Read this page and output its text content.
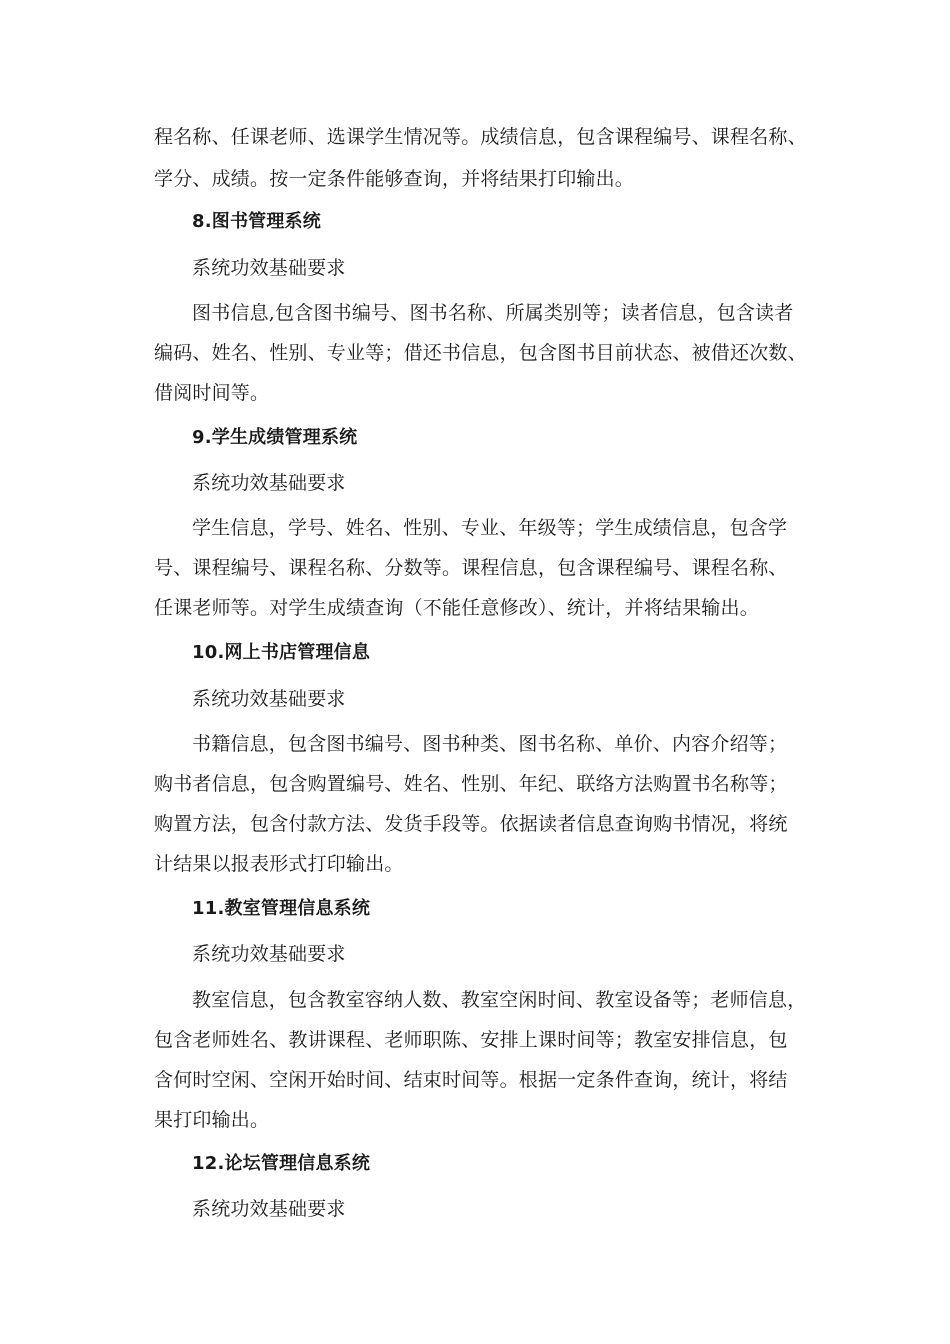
程名称、任课老师、选课学生情况等。成绩信息，包含课程编号、课程名称、
学分、成绩。按一定条件能够查询，并将结果打印输出。
8.图书管理系统
系统功效基础要求
图书信息,包含图书编号、图书名称、所属类别等；读者信息，包含读者
编码、姓名、性别、专业等；借还书信息，包含图书目前状态、被借还次数、
借阅时间等。
9.学生成绩管理系统
系统功效基础要求
学生信息，学号、姓名、性别、专业、年级等；学生成绩信息，包含学
号、课程编号、课程名称、分数等。课程信息，包含课程编号、课程名称、
任课老师等。对学生成绩查询（不能任意修改）、统计，并将结果输出。
10.网上书店管理信息
系统功效基础要求
书籍信息，包含图书编号、图书种类、图书名称、单价、内容介绍等；
购书者信息，包含购置编号、姓名、性别、年纪、联络方法购置书名称等；
购置方法，包含付款方法、发货手段等。依据读者信息查询购书情况，将统
计结果以报表形式打印输出。
11.教室管理信息系统
系统功效基础要求
教室信息，包含教室容纳人数、教室空闲时间、教室设备等；老师信息，
包含老师姓名、教讲课程、老师职陈、安排上课时间等；教室安排信息，包
含何时空闲、空闲开始时间、结束时间等。根据一定条件查询，统计，将结
果打印输出。
12.论坛管理信息系统
系统功效基础要求
